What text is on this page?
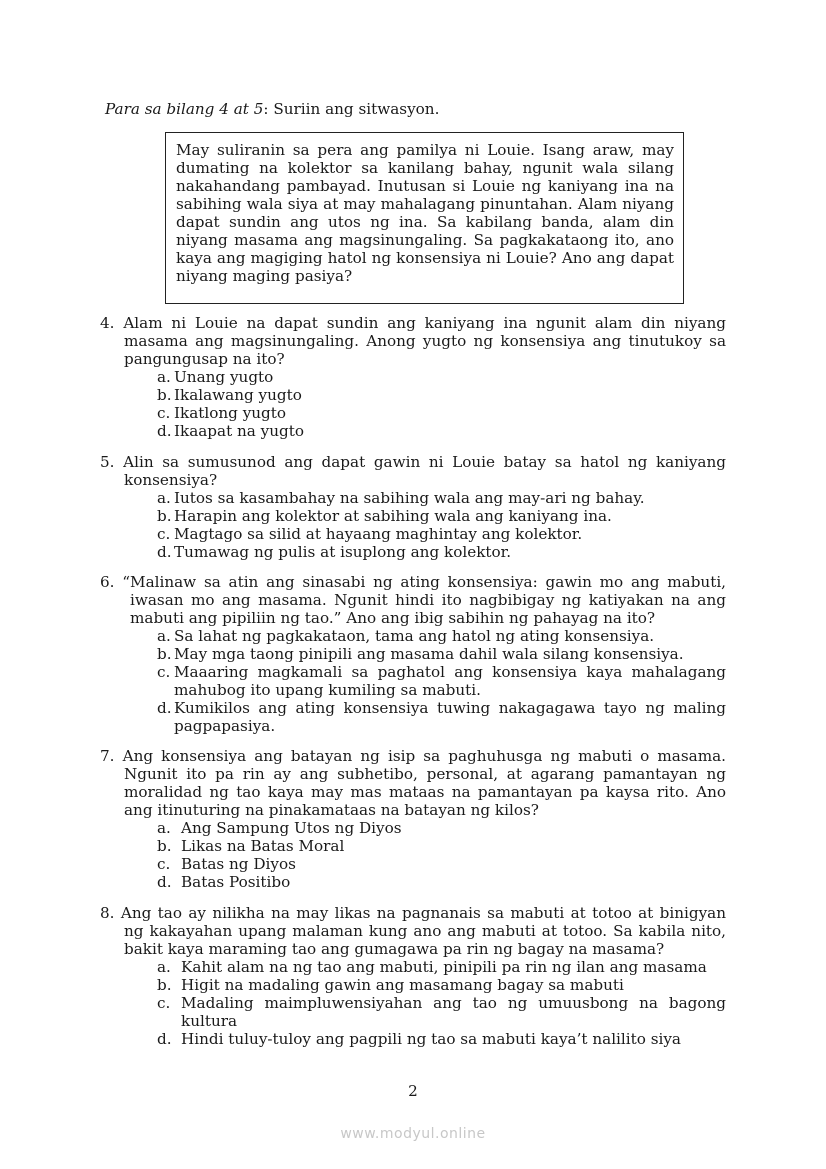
Para sa bilang 4 at 5: Suriin ang sitwasyon.
May suliranin sa pera ang pamilya ni Louie. Isang araw, may dumating na kolektor sa kanilang bahay, ngunit wala silang nakahandang pambayad. Inutusan si Louie ng kaniyang ina na sabihing wala siya at may mahalagang pinuntahan. Alam niyang dapat sundin ang utos ng ina. Sa kabilang banda, alam din niyang masama ang magsinungaling. Sa pagkakataong ito, ano kaya ang magiging hatol ng konsensiya ni Louie? Ano ang dapat niyang maging pasiya?
4. Alam ni Louie na dapat sundin ang kaniyang ina ngunit alam din niyang masama ang magsinungaling. Anong yugto ng konsensiya ang tinutukoy sa pangungusap na ito?
a. Unang yugto
b. Ikalawang yugto
c. Ikatlong yugto
d. Ikaapat na yugto
5. Alin sa sumusunod ang dapat gawin ni Louie batay sa hatol ng kaniyang konsensiya?
a. Iutos sa kasambahay na sabihing wala ang may-ari ng bahay.
b. Harapin ang kolektor at sabihing wala ang kaniyang ina.
c. Magtago sa silid at hayaang maghintay ang kolektor.
d. Tumawag ng pulis at isuplong ang kolektor.
6. “Malinaw sa atin ang sinasabi ng ating konsensiya: gawin mo ang mabuti, iwasan mo ang masama. Ngunit hindi ito nagbibigay ng katiyakan na ang mabuti ang pipiliin ng tao.” Ano ang ibig sabihin ng pahayag na ito?
a. Sa lahat ng pagkakataon, tama ang hatol ng ating konsensiya.
b. May mga taong pinipili ang masama dahil wala silang konsensiya.
c. Maaaring magkamali sa paghatol ang konsensiya kaya mahalagang mahubog ito upang kumiling sa mabuti.
d. Kumikilos ang ating konsensiya tuwing nakagagawa tayo ng maling pagpapasiya.
7. Ang konsensiya ang batayan ng isip sa paghuhusga ng mabuti o masama. Ngunit ito pa rin ay ang subhetibo, personal, at agarang pamantayan ng moralidad ng tao kaya may mas mataas na pamantayan pa kaysa rito. Ano ang itinuturing na pinakamataas na batayan ng kilos?
a. Ang Sampung Utos ng Diyos
b. Likas na Batas Moral
c. Batas ng Diyos
d. Batas Positibo
8. Ang tao ay nilikha na may likas na pagnanais sa mabuti at totoo at binigyan ng kakayahan upang malaman kung ano ang mabuti at totoo. Sa kabila nito, bakit kaya maraming tao ang gumagawa pa rin ng bagay na masama?
a. Kahit alam na ng tao ang mabuti, pinipili pa rin ng ilan ang masama
b. Higit na madaling gawin ang masamang bagay sa mabuti
c. Madaling maimpluwensiyahan ang tao ng umuusbong na bagong kultura
d. Hindi tuluy-tuloy ang pagpili ng tao sa mabuti kaya’t nalilito siya
2
www.modyul.online
